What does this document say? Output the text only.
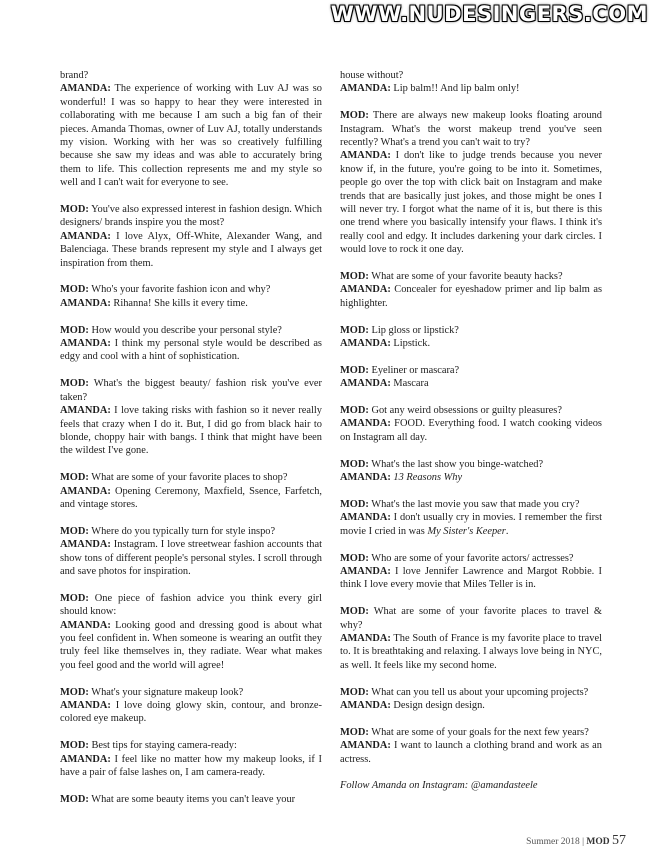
WWW.NUDESINGERS.COM

brand?

AMANDA: The experience of working with Luv AJ was so wonderful! I was so happy to hear they were interested in collaborating with me because I am such a big fan of their pieces. Amanda Thomas, owner of Luv AJ, totally understands my vision. Working with her was so creatively fulfilling because she saw my ideas and was able to accurately bring them to life. This collection represents me and my style so well and I can't wait for everyone to see.

MOD: You've also expressed interest in fashion design. Which designers/ brands inspire you the most?

AMANDA: I love Alyx, Off-White, Alexander Wang, and Balenciaga. These brands represent my style and I always get inspiration from them.

MOD: Who's your favorite fashion icon and why?

AMANDA: Rihanna! She kills it every time.

MOD: How would you describe your personal style?

AMANDA: I think my personal style would be described as edgy and cool with a hint of sophistication.

MOD: What's the biggest beauty/ fashion risk you've ever taken?

AMANDA: I love taking risks with fashion so it never really feels that crazy when I do it. But, I did go from black hair to blonde, choppy hair with bangs. I think that might have been the wildest I've gone.

MOD: What are some of your favorite places to shop?

AMANDA: Opening Ceremony, Maxfield, Ssence, Farfetch, and vintage stores.

MOD: Where do you typically turn for style inspo?

AMANDA: Instagram. I love streetwear fashion accounts that show tons of different people's personal styles. I scroll through and save photos for inspiration.

MOD: One piece of fashion advice you think every girl should know:

AMANDA: Looking good and dressing good is about what you feel confident in. When someone is wearing an outfit they truly feel like themselves in, they radiate. Wear what makes you feel good and the world will agree!

MOD: What's your signature makeup look?

AMANDA: I love doing glowy skin, contour, and bronze-colored eye makeup.

MOD: Best tips for staying camera-ready:

AMANDA: I feel like no matter how my makeup looks, if I have a pair of false lashes on, I am camera-ready.

MOD: What are some beauty items you can't leave your

house without?

AMANDA: Lip balm!! And lip balm only!

MOD: There are always new makeup looks floating around Instagram. What's the worst makeup trend you've seen recently? What's a trend you can't wait to try?

AMANDA: I don't like to judge trends because you never know if, in the future, you're going to be into it. Sometimes, people go over the top with click bait on Instagram and make trends that are basically just jokes, and those might be ones I will never try. I forgot what the name of it is, but there is this one trend where you basically intensify your flaws. I think it's really cool and edgy. It includes darkening your dark circles. I would love to rock it one day.

MOD: What are some of your favorite beauty hacks?

AMANDA: Concealer for eyeshadow primer and lip balm as highlighter.

MOD: Lip gloss or lipstick?

AMANDA: Lipstick.

MOD: Eyeliner or mascara?

AMANDA: Mascara

MOD: Got any weird obsessions or guilty pleasures?

AMANDA: FOOD. Everything food. I watch cooking videos on Instagram all day.

MOD: What's the last show you binge-watched?

AMANDA: 13 Reasons Why

MOD: What's the last movie you saw that made you cry?

AMANDA: I don't usually cry in movies. I remember the first movie I cried in was My Sister's Keeper.

MOD: Who are some of your favorite actors/ actresses?

AMANDA: I love Jennifer Lawrence and Margot Robbie. I think I love every movie that Miles Teller is in.

MOD: What are some of your favorite places to travel & why?

AMANDA: The South of France is my favorite place to travel to. It is breathtaking and relaxing. I always love being in NYC, as well. It feels like my second home.

MOD: What can you tell us about your upcoming projects?

AMANDA: Design design design.

MOD: What are some of your goals for the next few years?

AMANDA: I want to launch a clothing brand and work as an actress.

Follow Amanda on Instagram: @amandasteele

Summer 2018 | MOD 57
